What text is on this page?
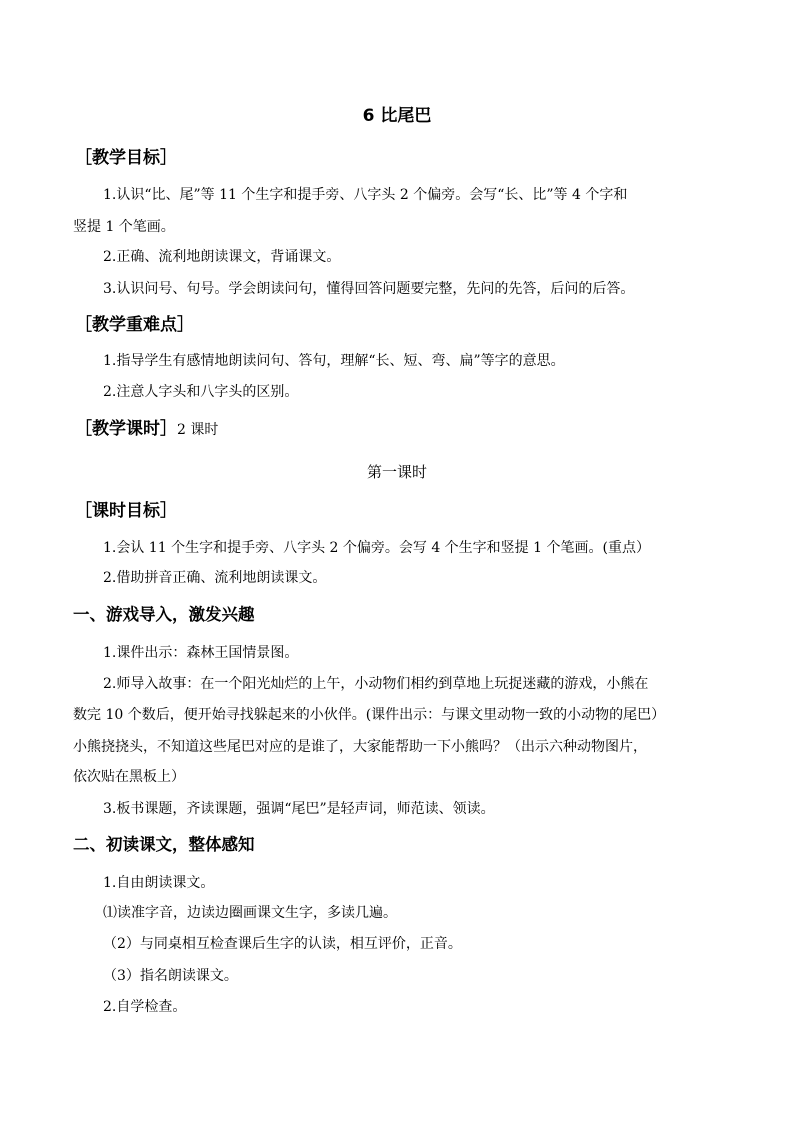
6 比尾巴
［教学目标］
1.认识“比、尾”等 11 个生字和提手旁、八字头 2 个偏旁。会写“长、比”等 4 个字和
竖提 1 个笔画。
2.正确、流利地朗读课文，背诵课文。
3.认识问号、句号。学会朗读问句，懂得回答问题要完整，先问的先答，后问的后答。
［教学重难点］
1.指导学生有感情地朗读问句、答句，理解“长、短、弯、扁”等字的意思。
2.注意人字头和八字头的区别。
［教学课时］2 课时
第一课时
［课时目标］
1.会认 11 个生字和提手旁、八字头 2 个偏旁。会写 4 个生字和竖提 1 个笔画。(重点）
2.借助拼音正确、流利地朗读课文。
一、游戏导入，激发兴趣
1.课件出示：森林王国情景图。
2.师导入故事：在一个阳光灿烂的上午，小动物们相约到草地上玩捉迷藏的游戏，小熊在
数完 10 个数后，便开始寻找躲起来的小伙伴。(课件出示：与课文里动物一致的小动物的尾巴）
小熊挠挠头，不知道这些尾巴对应的是谁了，大家能帮助一下小熊吗？（出示六种动物图片，
依次贴在黑板上）
3.板书课题，齐读课题，强调“尾巴”是轻声词，师范读、领读。
二、初读课文，整体感知
1.自由朗读课文。
⑴读准字音，边读边圈画课文生字，多读几遍。
（2）与同桌相互检查课后生字的认读，相互评价，正音。
（3）指名朗读课文。
2.自学检查。
